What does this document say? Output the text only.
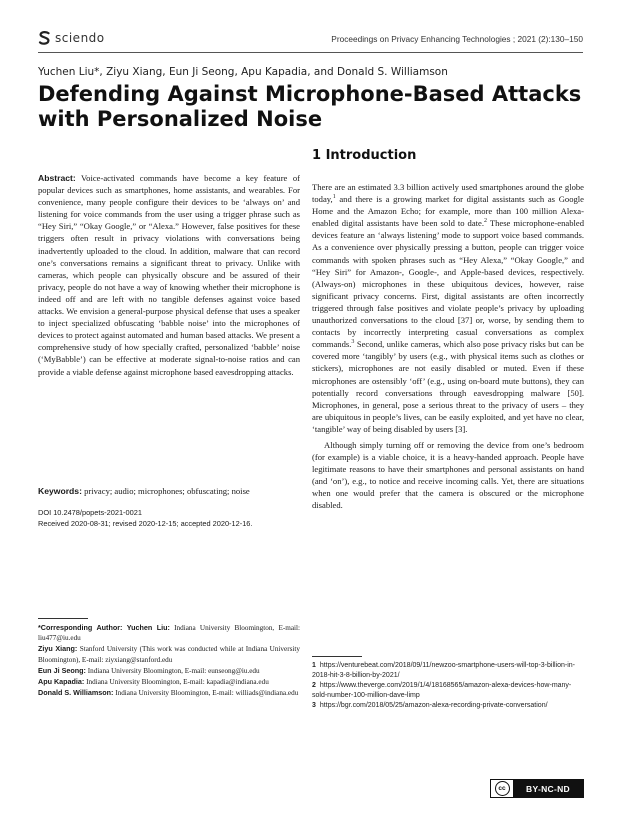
sciendo	Proceedings on Privacy Enhancing Technologies ; 2021 (2):130–150
Yuchen Liu*, Ziyu Xiang, Eun Ji Seong, Apu Kapadia, and Donald S. Williamson
Defending Against Microphone-Based Attacks with Personalized Noise

Abstract: Voice-activated commands have become a key feature of popular devices such as smartphones, home assistants, and wearables. For convenience, many people configure their devices to be ‘always on’ and listening for voice commands from the user using a trigger phrase such as “Hey Siri,” “Okay Google,” or “Alexa.” However, false positives for these triggers often result in privacy violations with conversations being inadvertently uploaded to the cloud. In addition, malware that can record one’s conversations remains a significant threat to privacy. Unlike with cameras, which people can physically obscure and be assured of their privacy, people do not have a way of knowing whether their microphone is indeed off and are left with no tangible defenses against voice based attacks. We envision a general-purpose physical defense that uses a speaker to inject specialized obfuscating ‘babble noise’ into the microphones of devices to protect against automated and human based attacks. We present a comprehensive study of how specially crafted, personalized ‘babble’ noise (‘MyBabble’) can be effective at moderate signal-to-noise ratios and can provide a viable defense against microphone based eavesdropping attacks.

Keywords: privacy; audio; microphones; obfuscating; noise

DOI 10.2478/popets-2021-0021

Received 2020-08-31; revised 2020-12-15; accepted 2020-12-16.

*Corresponding Author: Yuchen Liu: Indiana University Bloomington, E-mail: liu477@iu.edu

Ziyu Xiang: Stanford University (This work was conducted while at Indiana University Bloomington), E-mail: ziyxiang@stanford.edu

Eun Ji Seong: Indiana University Bloomington, E-mail: eunseong@iu.edu

Apu Kapadia: Indiana University Bloomington, E-mail: kapadia@indiana.edu

Donald S. Williamson: Indiana University Bloomington, E-mail: williads@indiana.edu

1 Introduction

There are an estimated 3.3 billion actively used smartphones around the globe today,$^1$ and there is a growing market for digital assistants such as Google Home and the Amazon Echo; for example, more than 100 million Alexa-enabled digital assistants have been sold to date.$^2$ These microphone-enabled devices feature an ‘always listening’ mode to support voice based commands. As a convenience over physically pressing a button, people can trigger voice commands with spoken phrases such as “Hey Alexa,” “Okay Google,” and “Hey Siri” for Amazon-, Google-, and Apple-based devices, respectively. (Always-on) microphones in these ubiquitous devices, however, raise significant privacy concerns. First, digital assistants are often incorrectly triggered through false positives and violate people’s privacy by uploading unauthorized conversations to the cloud [37] or, worse, by sending them to contacts by incorrectly interpreting casual conversations as complex commands.$^3$ Second, unlike cameras, which also pose privacy risks but can be covered more ‘tangibly’ by users (e.g., with physical items such as clothes or stickers), microphones are not easily disabled or muted. Even if these microphones are ostensibly ‘off’ (e.g., using on-board mute buttons), they can potentially record conversations through eavesdropping malware [50]. Microphones, in general, pose a serious threat to the privacy of users – they are ubiquitous in people’s lives, can be easily exploited, and yet have no clear, ‘tangible’ way of being disabled by users [3].

Although simply turning off or removing the device from one’s bedroom (for example) is a viable choice, it is a heavy-handed approach. People have legitimate reasons to have their smartphones and personal assistants on hand (and ‘on’), e.g., to notice and receive incoming calls. Yet, there are situations when one would prefer that the camera is obscured or the microphone disabled.

1 https://venturebeat.com/2018/09/11/newzoo-smartphone-users-will-top-3-billion-in-2018-hit-3-8-billion-by-2021/

2 https://www.theverge.com/2019/1/4/18168565/amazon-alexa-devices-how-many-sold-number-100-million-dave-limp

3 https://bgr.com/2018/05/25/amazon-alexa-recording-private-conversation/

cc	BY-NC-ND
